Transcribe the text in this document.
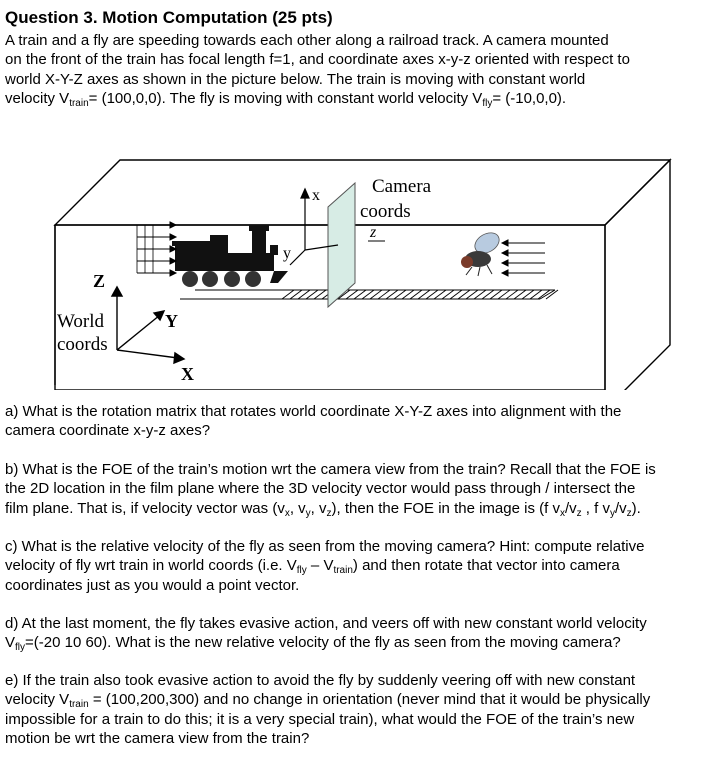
Question 3. Motion Computation (25 pts)
A train and a fly are speeding towards each other along a railroad track. A camera mounted
on the front of the train has focal length f=1, and coordinate axes x-y-z oriented with respect to
world X-Y-Z axes as shown in the picture below. The train is moving with constant world
velocity $V_{train}= (100,0,0)$. The fly is moving with constant world velocity $V_{fly}= (-10,0,0)$.
x
y
Camera
coords
z
Z
Y
X
World
coords
a) What is the rotation matrix that rotates world coordinate X-Y-Z axes into alignment with the
camera coordinate x-y-z axes?
b) What is the FOE of the train’s motion wrt the camera view from the train? Recall that the FOE is
the 2D location in the film plane where the 3D velocity vector would pass through / intersect the
film plane. That is, if velocity vector was ($v_x$, $v_y$, $v_z$), then the FOE in the image is (f $v_x/v_z$ , f $v_y/v_z$).
c) What is the relative velocity of the fly as seen from the moving camera? Hint: compute relative
velocity of fly wrt train in world coords (i.e. $V_{fly} - V_{train}$) and then rotate that vector into camera
coordinates just as you would a point vector.
d) At the last moment, the fly takes evasive action, and veers off with new constant world velocity
$V_{fly}=(-20$ 10 60). What is the new relative velocity of the fly as seen from the moving camera?
e) If the train also took evasive action to avoid the fly by suddenly veering off with new constant
velocity $V_{train} = (100,200,300)$ and no change in orientation (never mind that it would be physically
impossible for a train to do this; it is a very special train), what would the FOE of the train’s new
motion be wrt the camera view from the train?
